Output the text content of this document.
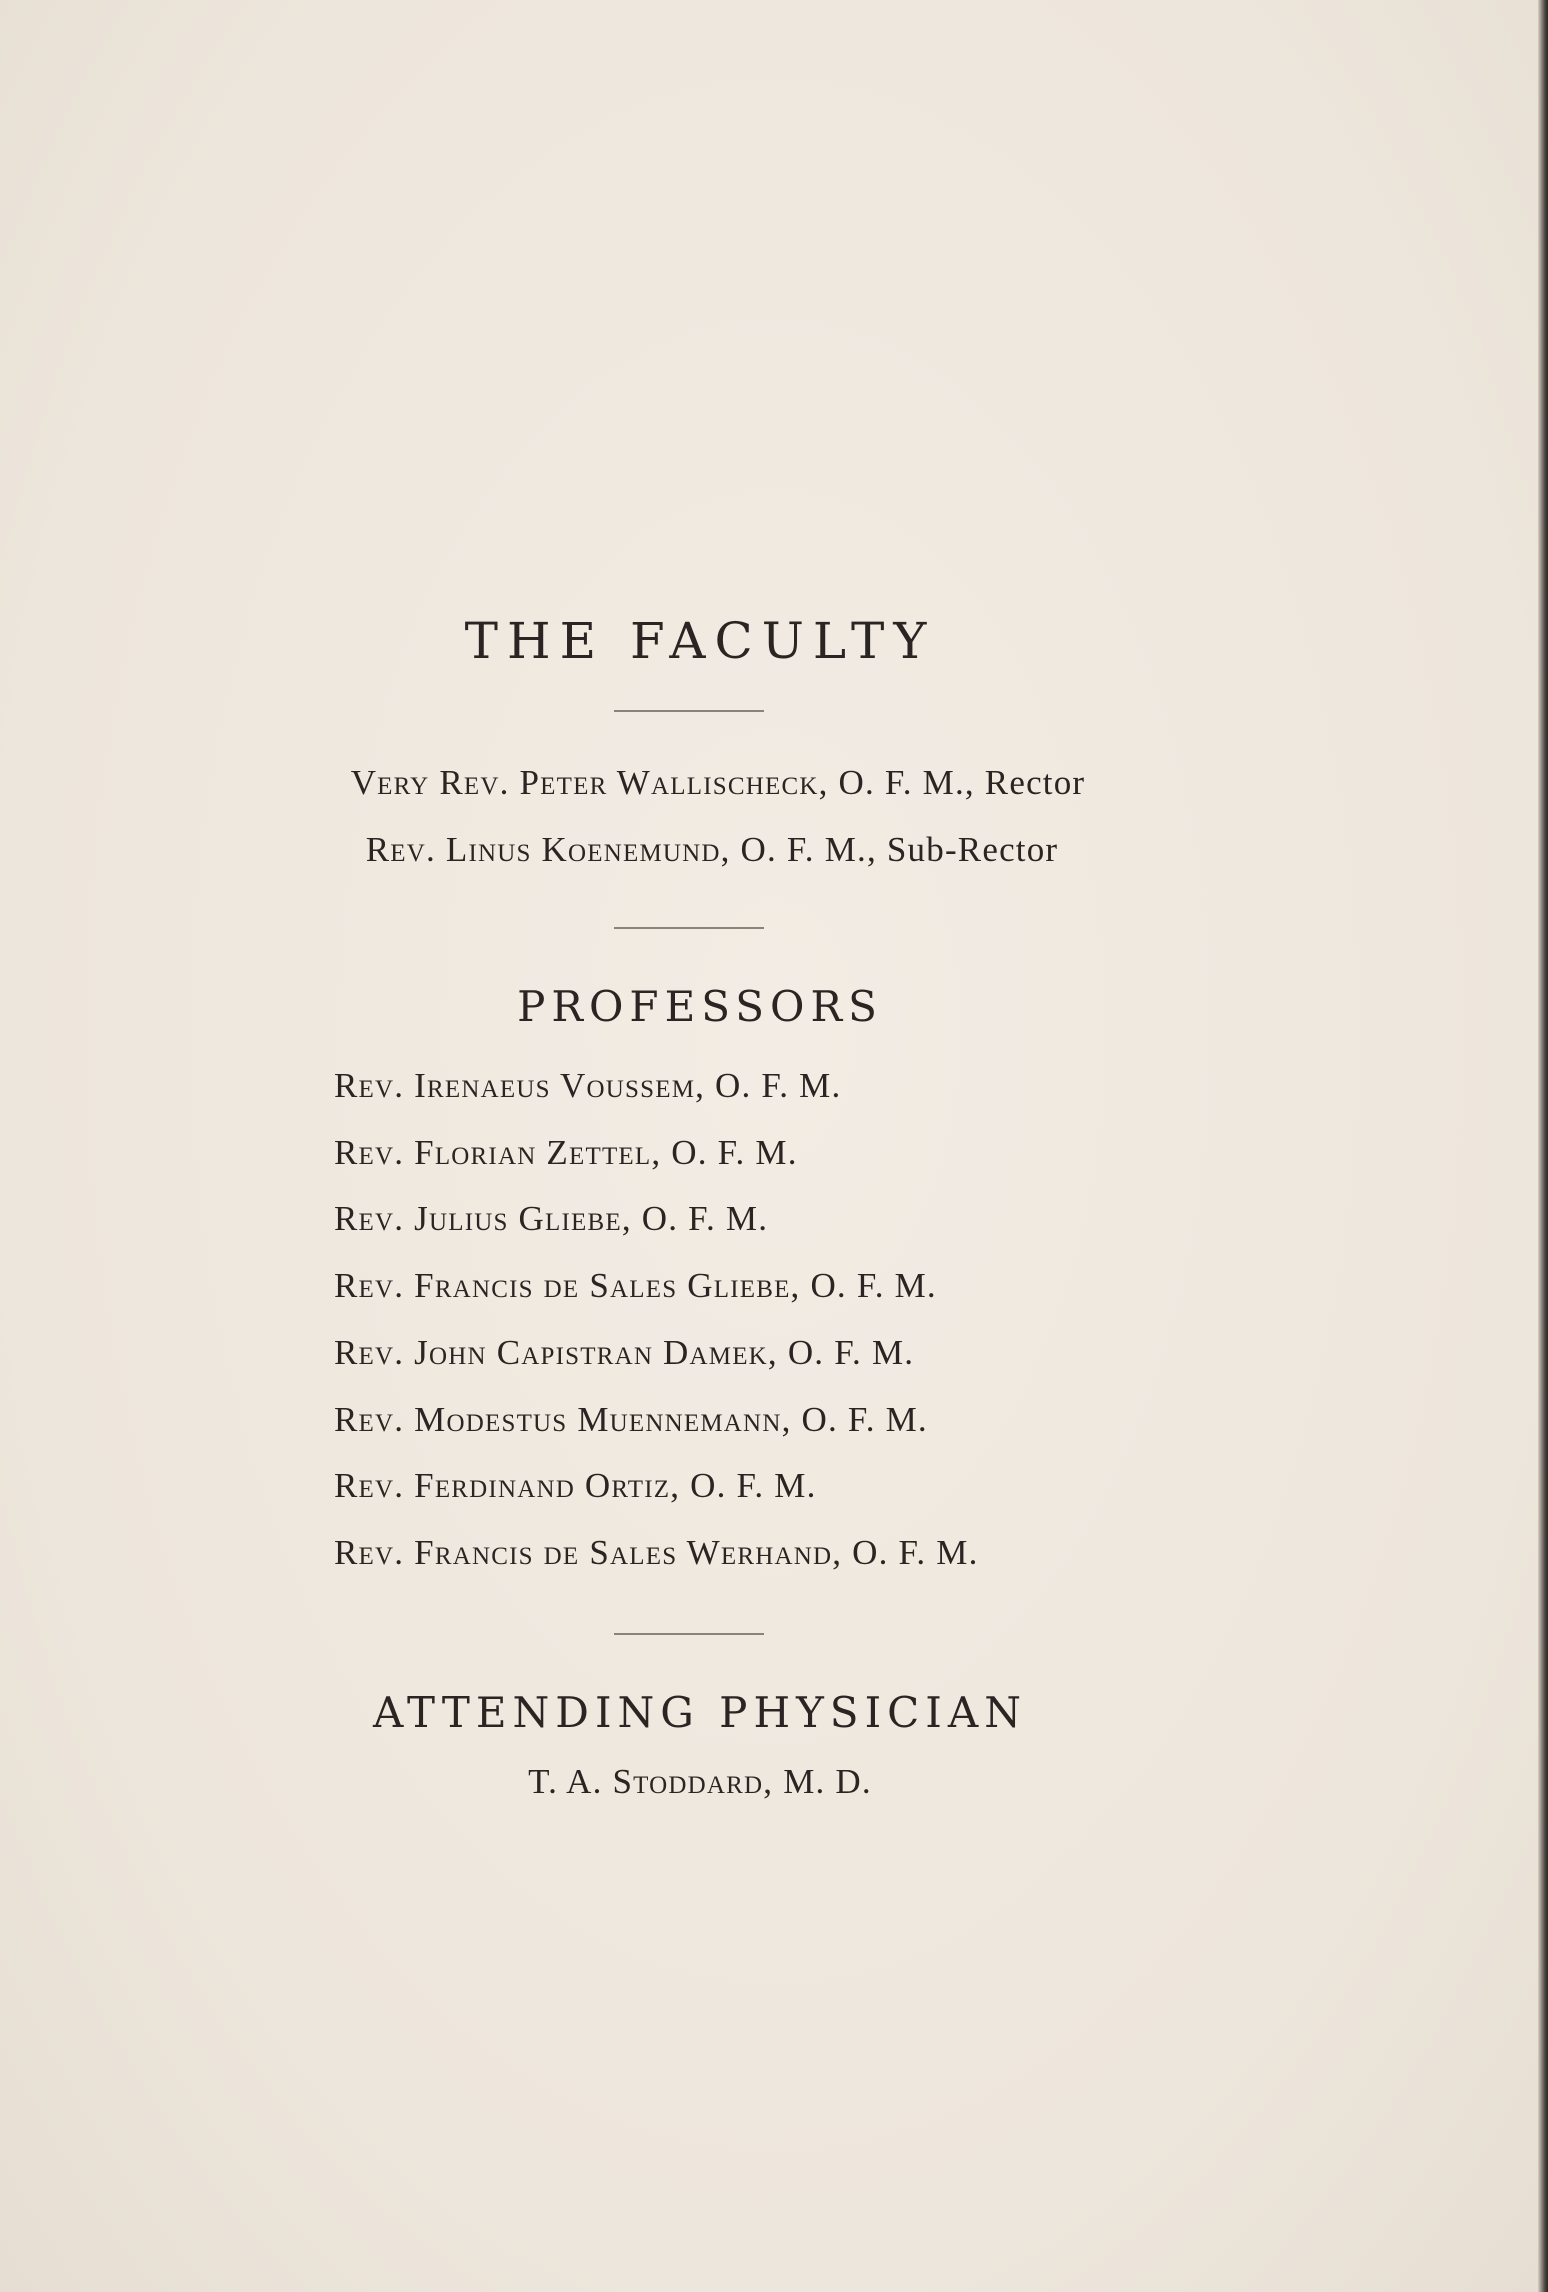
THE FACULTY
Very Rev. Peter Wallischeck, O. F. M., Rector
Rev. Linus Koenemund, O. F. M., Sub-Rector
PROFESSORS
Rev. Irenaeus Voussem, O. F. M.
Rev. Florian Zettel, O. F. M.
Rev. Julius Gliebe, O. F. M.
Rev. Francis de Sales Gliebe, O. F. M.
Rev. John Capistran Damek, O. F. M.
Rev. Modestus Muennemann, O. F. M.
Rev. Ferdinand Ortiz, O. F. M.
Rev. Francis de Sales Werhand, O. F. M.
ATTENDING PHYSICIAN
T. A. Stoddard, M. D.
